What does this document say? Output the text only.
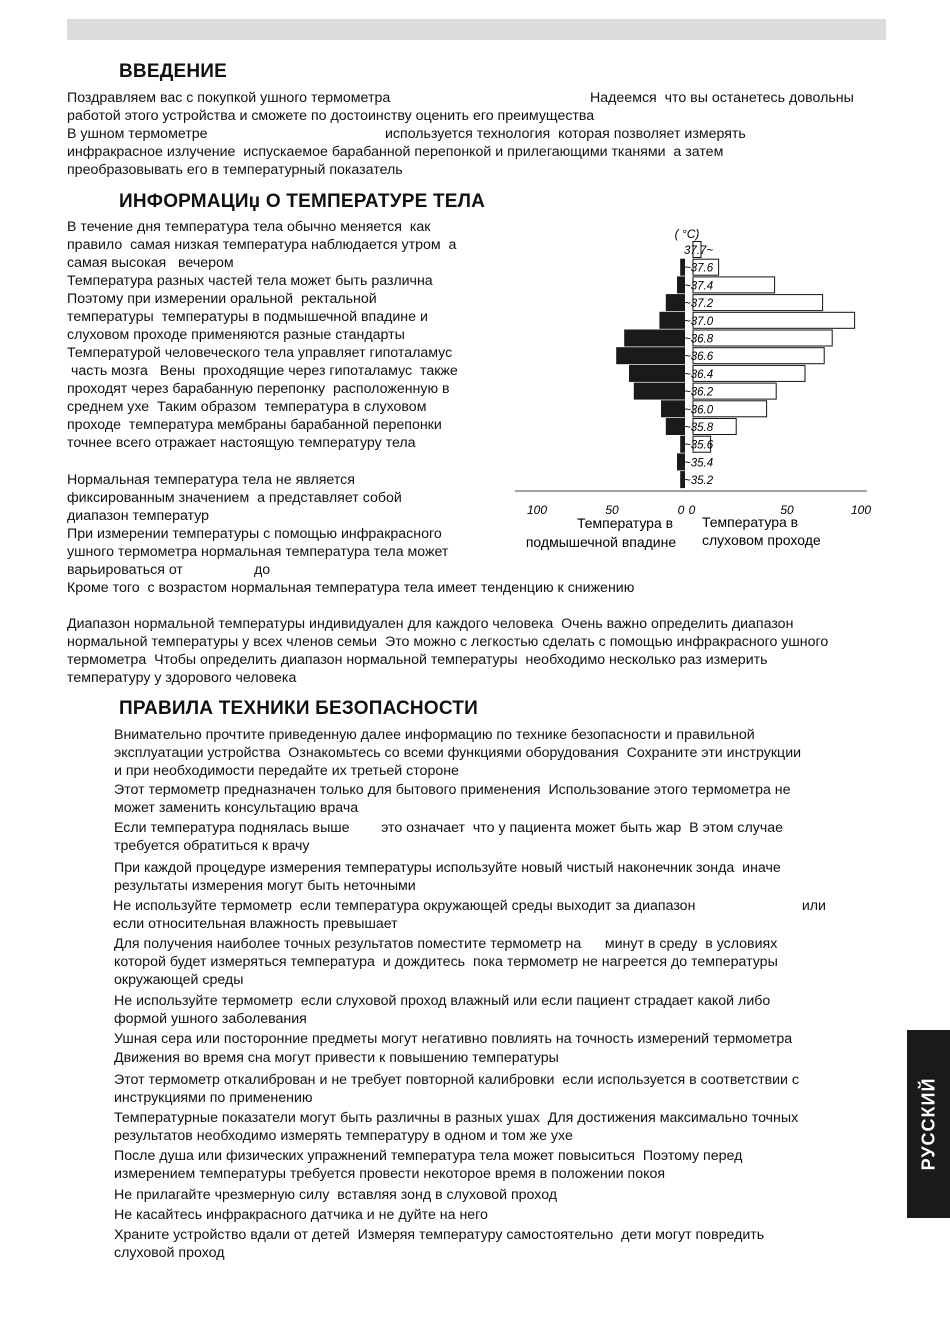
ВВЕДЕНИЕ
Поздравляем вас с покупкой ушного термометра	Надеемся  что вы останетесь довольны
работой этого устройства и сможете по достоинству оценить его преимущества
В ушном термометре	используется технология  которая позволяет измерять
инфракрасное излучение  испускаемое барабанной перепонкой и прилегающими тканями  а затем
преобразовывать его в температурный показатель
ИНФОРМАЦИџ О ТЕМПЕРАТУРЕ ТЕЛА
В течение дня температура тела обычно меняется  как
правило  самая низкая температура наблюдается утром  а
самая высокая   вечером
Температура разных частей тела может быть различна
Поэтому при измерении оральной  ректальной
температуры  температуры в подмышечной впадине и
слуховом проходе применяются разные стандарты
Температурой человеческого тела управляет гипоталамус
часть мозга   Вены  проходящие через гипоталамус  также
проходят через барабанную перепонку  расположенную в
среднем ухе  Таким образом  температура в слуховом
проходе  температура мембраны барабанной перепонки
точнее всего отражает настоящую температуру тела
Нормальная температура тела не является
фиксированным значением  а представляет собой
диапазон температур
При измерении температуры с помощью инфракрасного
ушного термометра нормальная температура тела может
варьироваться от	до
Кроме того  с возрастом нормальная температура тела имеет тенденцию к снижению
Диапазон нормальной температуры индивидуален для каждого человека  Очень важно определить диапазон
нормальной температуры у всех членов семьи  Это можно с легкостью сделать с помощью инфракрасного ушного
термометра  Чтобы определить диапазон нормальной температуры  необходимо несколько раз измерить
температуру у здорового человека
37.7~
~37.6
~37.4
~37.2
~37.0
~36.8
~36.6
~36.4
~36.2
~36.0
~35.8
~35.6
~35.4
~35.2
( °C)
100	50	0 0	50	100
Температура в
подмышечной впадине
Температура в
слуховом проходе
ПРАВИЛА ТЕХНИКИ БЕЗОПАСНОСТИ
Внимательно прочтите приведенную далее информацию по технике безопасности и правильной
эксплуатации устройства  Ознакомьтесь со всеми функциями оборудования  Сохраните эти инструкции
и при необходимости передайте их третьей стороне
Этот термометр предназначен только для бытового применения  Использование этого термометра не
может заменить консультацию врача
Если температура поднялась выше        это означает  что у пациента может быть жар  В этом случае
требуется обратиться к врачу
При каждой процедуре измерения температуры используйте новый чистый наконечник зонда  иначе
результаты измерения могут быть неточными
Не используйте термометр  если температура окружающей среды выходит за диапазон                           или
если относительная влажность превышает
Для получения наиболее точных результатов поместите термометр на      минут в среду  в условиях
которой будет измеряться температура  и дождитесь  пока термометр не нагреется до температуры
окружающей среды
Не используйте термометр  если слуховой проход влажный или если пациент страдает какой либо
формой ушного заболевания
Ушная сера или посторонние предметы могут негативно повлиять на точность измерений термометра
Движения во время сна могут привести к повышению температуры
Этот термометр откалиброван и не требует повторной калибровки  если используется в соответствии с
инструкциями по применению
Температурные показатели могут быть различны в разных ушах  Для достижения максимально точных
результатов необходимо измерять температуру в одном и том же ухе
После душа или физических упражнений температура тела может повыситься  Поэтому перед
измерением температуры требуется провести некоторое время в положении покоя
Не прилагайте чрезмерную силу  вставляя зонд в слуховой проход
Не касайтесь инфракрасного датчика и не дуйте на него
Храните устройство вдали от детей  Измеряя температуру самостоятельно  дети могут повредить
слуховой проход
РУССКИЙ
